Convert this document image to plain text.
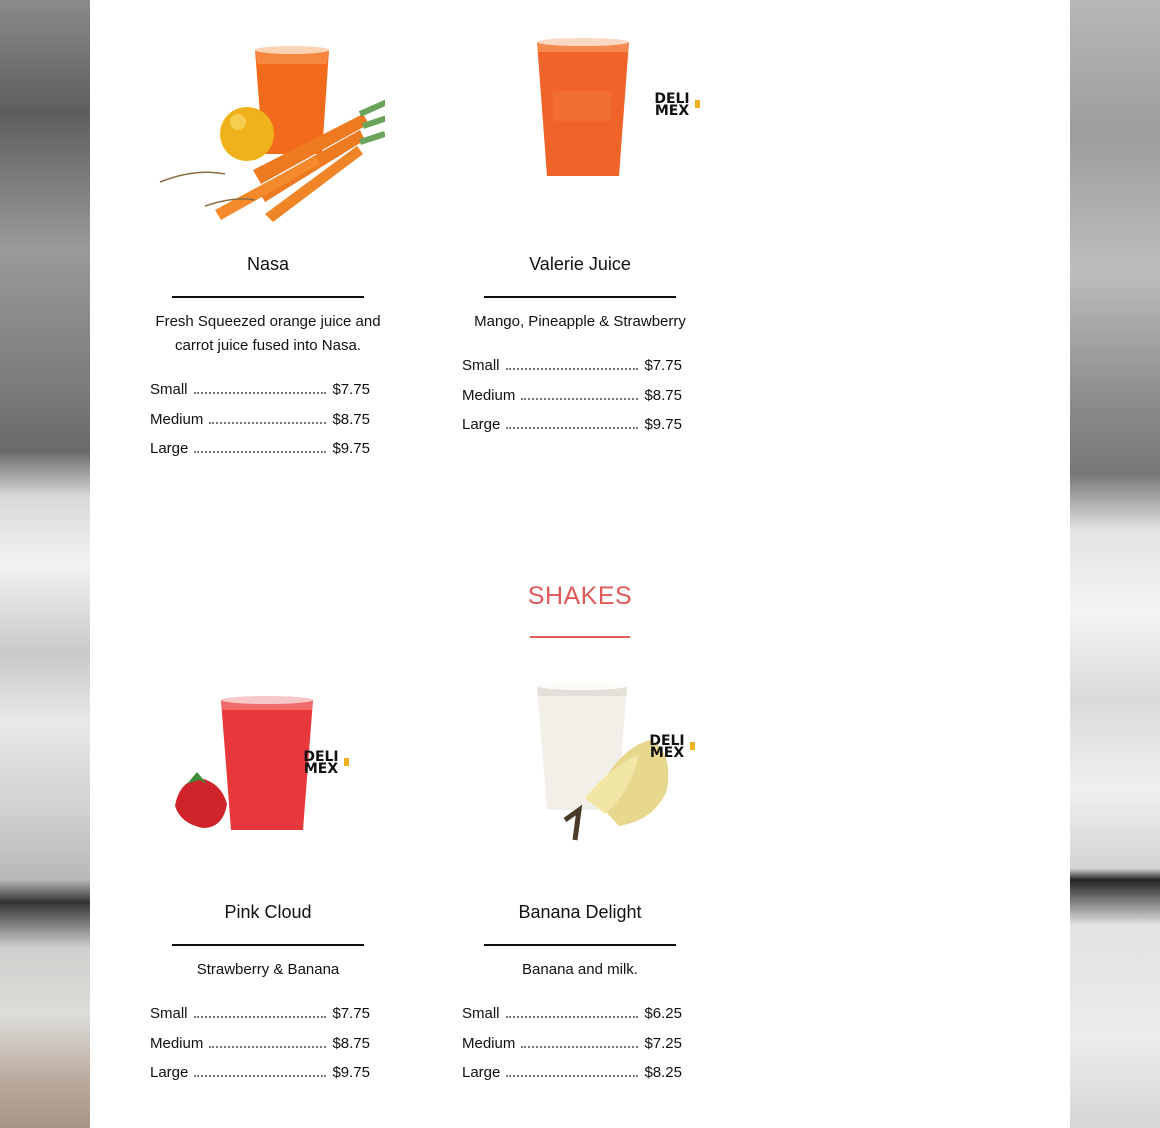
Nasa
Fresh Squeezed orange juice and carrot juice fused into Nasa.
Small	$7.75
Medium	$8.75
Large	$9.75
DELI
MEX
Valerie Juice
Mango, Pineapple & Strawberry
Small	$7.75
Medium	$8.75
Large	$9.75
SHAKES
DELI
MEX
Pink Cloud
Strawberry & Banana
Small	$7.75
Medium	$8.75
Large	$9.75
DELI
MEX
Banana Delight
Banana and milk.
Small	$6.25
Medium	$7.25
Large	$8.25
